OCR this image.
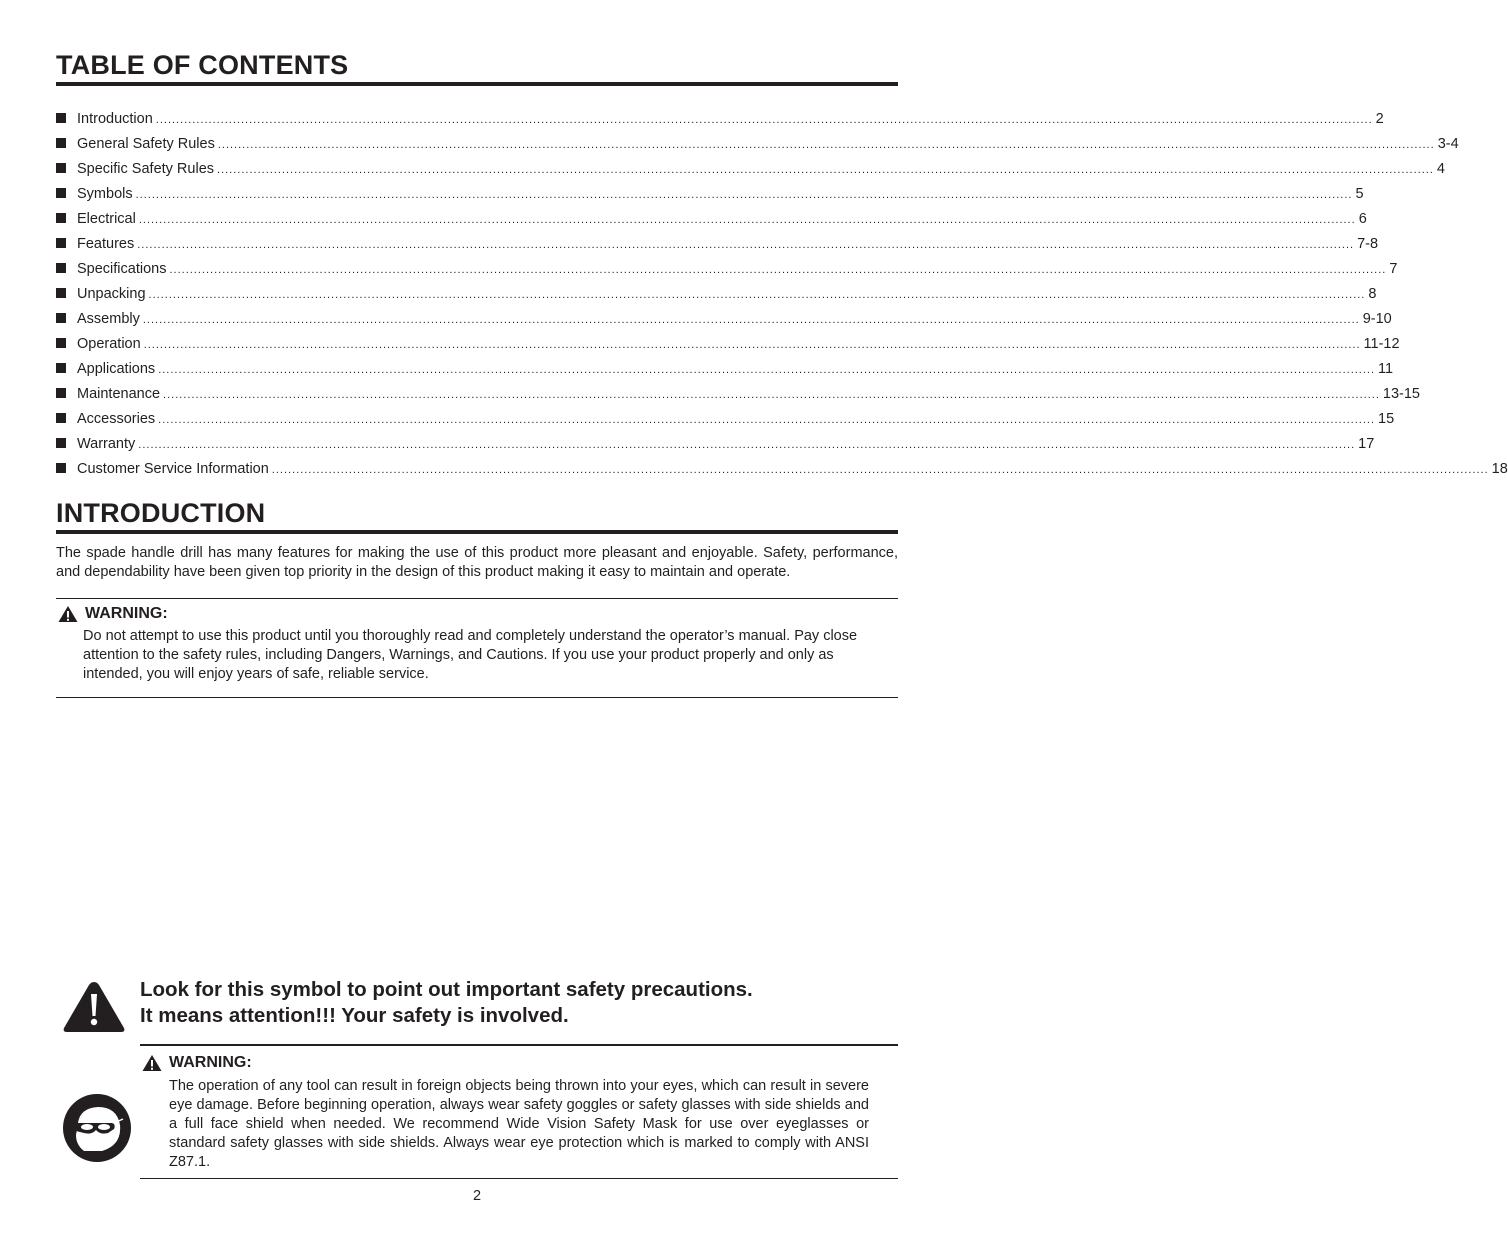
TABLE OF CONTENTS
Introduction ............................................................................................................................................................................................................................................................................................................ 2
General Safety Rules ............................................................................................................................................................................................................................................................................................................ 3-4
Specific Safety Rules ............................................................................................................................................................................................................................................................................................................ 4
Symbols ............................................................................................................................................................................................................................................................................................................ 5
Electrical ............................................................................................................................................................................................................................................................................................................ 6
Features ............................................................................................................................................................................................................................................................................................................ 7-8
Specifications ............................................................................................................................................................................................................................................................................................................ 7
Unpacking ............................................................................................................................................................................................................................................................................................................ 8
Assembly ............................................................................................................................................................................................................................................................................................................ 9-10
Operation ............................................................................................................................................................................................................................................................................................................ 11-12
Applications ............................................................................................................................................................................................................................................................................................................ 11
Maintenance ............................................................................................................................................................................................................................................................................................................ 13-15
Accessories ............................................................................................................................................................................................................................................................................................................ 15
Warranty ............................................................................................................................................................................................................................................................................................................ 17
Customer Service Information ............................................................................................................................................................................................................................................................................................................ 18
INTRODUCTION

The spade handle drill has many features for making the use of this product more pleasant and enjoyable. Safety, performance, and dependability have been given top priority in the design of this product making it easy to maintain and operate.

WARNING:

Do not attempt to use this product until you thoroughly read and completely understand the operator’s manual. Pay close attention to the safety rules, including Dangers, Warnings, and Cautions. If you use your product properly and only as intended, you will enjoy years of safe, reliable service.

Look for this symbol to point out important safety precautions.
It means attention!!! Your safety is involved.
WARNING:

The operation of any tool can result in foreign objects being thrown into your eyes, which can result in severe eye damage. Before beginning operation, always wear safety goggles or safety glasses with side shields and a full face shield when needed. We recommend Wide Vision Safety Mask for use over eyeglasses or standard safety glasses with side shields. Always wear eye protection which is marked to comply with ANSI Z87.1.

2
